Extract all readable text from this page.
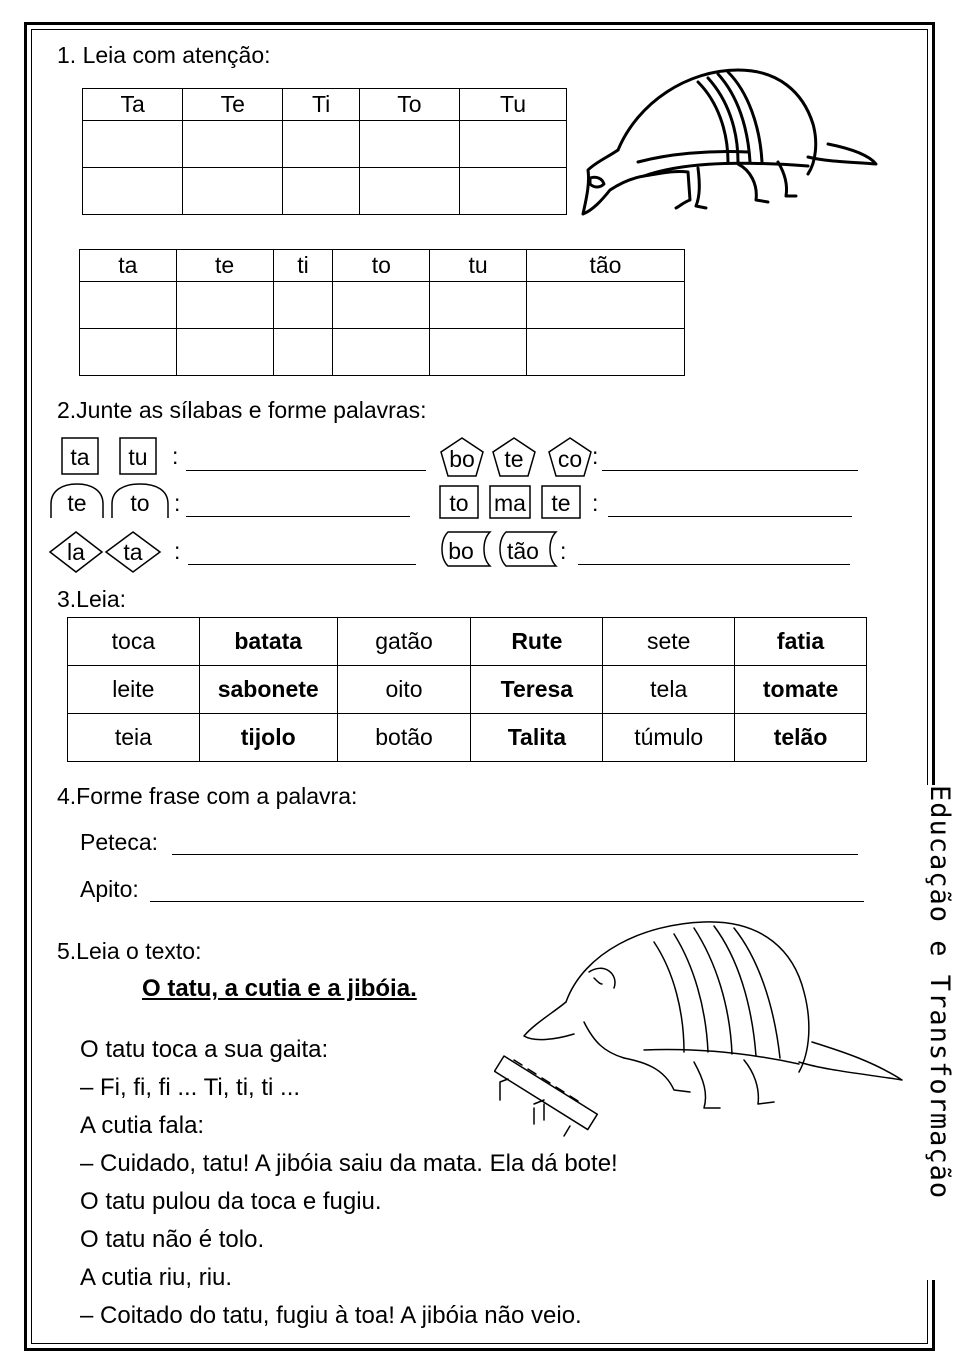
1. Leia com atenção:
Ta	Te	Ti	To	Tu

ta	te	ti	to	tu	tão

2.Junte as sílabas e forme palavras:
ta	tu	:	bo	te	co :
te	to	:	to	ma	te :
la	ta	:	bo	tão :
3.Leia:
toca	batata	gatão	Rute	sete	fatia
leite	sabonete	oito	Teresa	tela	tomate
teia	tijolo	botão	Talita	túmulo	telão
4.Forme frase com a palavra:
Peteca:
Apito:
5.Leia o texto:
O tatu, a cutia e a jibóia.
O tatu toca a sua gaita:
– Fi, fi, fi ... Ti, ti, ti ...
A cutia fala:
– Cuidado, tatu! A jibóia saiu da mata. Ela dá bote!
O tatu pulou da toca e fugiu.
O tatu não é tolo.
A cutia riu, riu.
– Coitado do tatu, fugiu à toa! A jibóia não veio.
Educação e Transformação
